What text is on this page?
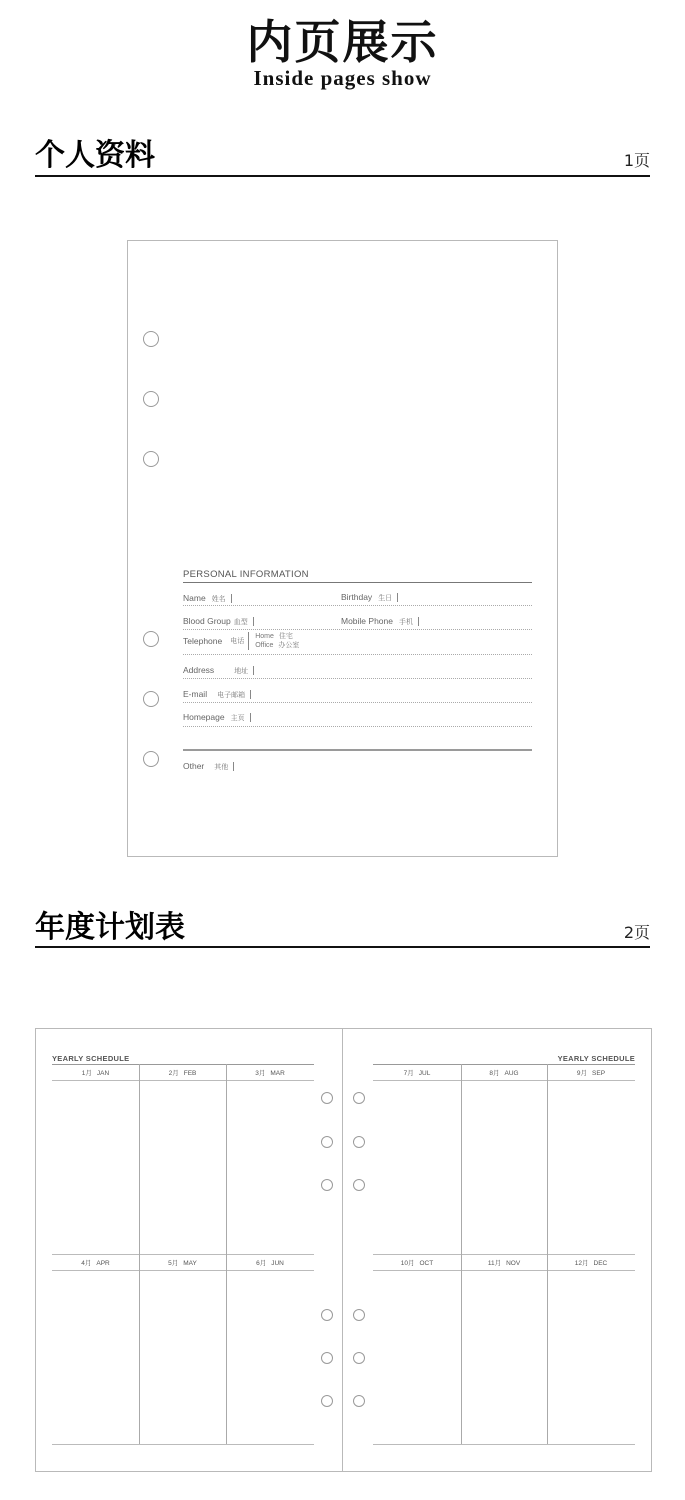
内页展示
Inside pages show
个人资料	1页
PERSONAL INFORMATION
Name 姓名	Birthday 生日
Blood Group 血型	Mobile Phone 手机
Telephone 电话
Home 住宅
Office 办公室
Address	地址
E-mail 电子邮箱
Homepage 主页
Other 其他
年度计划表	2页
YEARLY SCHEDULE	YEARLY SCHEDULE
1月 JAN	2月 FEB	3月 MAR
4月 APR	5月 MAY	6月 JUN
7月 JUL	8月 AUG	9月 SEP
10月 OCT	11月 NOV	12月 DEC
